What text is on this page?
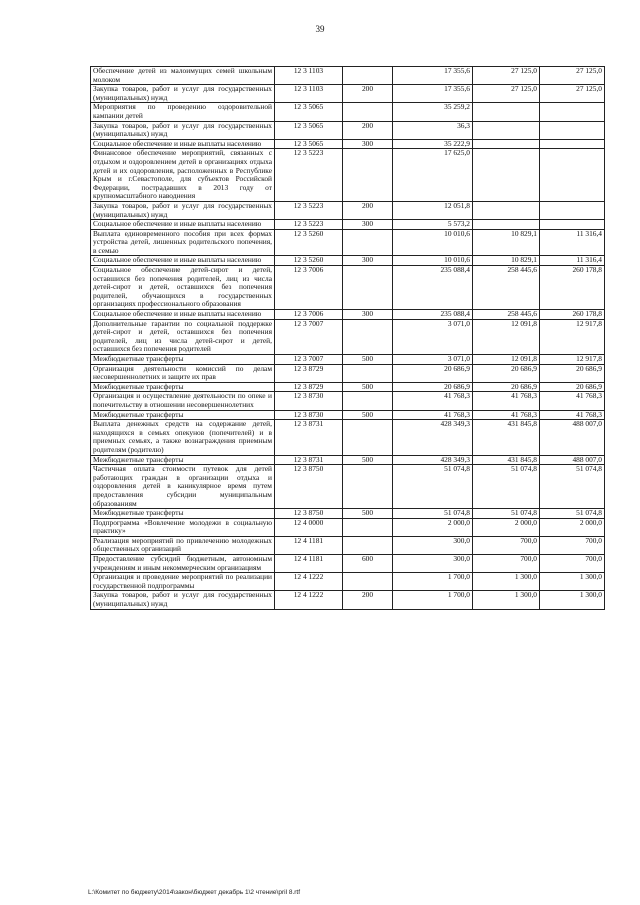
39
Обеспечение детей из малоимущих семей школьным молоком	12 3 1103		17 355,6	27 125,0	27 125,0
Закупка товаров, работ и услуг для государственных (муниципальных) нужд	12 3 1103	200	17 355,6	27 125,0	27 125,0
Мероприятия по проведению оздоровительной кампании детей	12 3 5065		35 259,2		
Закупка товаров, работ и услуг для государственных (муниципальных) нужд	12 3 5065	200	36,3		
Социальное обеспечение и иные выплаты населению	12 3 5065	300	35 222,9		
Финансовое обеспечение мероприятий, связанных с отдыхом и оздоровлением детей в организациях отдыха детей и их оздоровления, расположенных в Республике Крым и г.Севастополе, для субъектов Российской Федерации, пострадавших в 2013 году от крупномасштабного наводнения	12 3 5223		17 625,0		
Закупка товаров, работ и услуг для государственных (муниципальных) нужд	12 3 5223	200	12 051,8		
Социальное обеспечение и иные выплаты населению	12 3 5223	300	5 573,2		
Выплата единовременного пособия при всех формах устройства детей, лишенных родительского попечения, в семью	12 3 5260		10 010,6	10 829,1	11 316,4
Социальное обеспечение и иные выплаты населению	12 3 5260	300	10 010,6	10 829,1	11 316,4
Социальное обеспечение детей-сирот и детей, оставшихся без попечения родителей, лиц из числа детей-сирот и детей, оставшихся без попечения родителей, обучающихся в государственных организациях профессионального образования	12 3 7006		235 088,4	258 445,6	260 178,8
Социальное обеспечение и иные выплаты населению	12 3 7006	300	235 088,4	258 445,6	260 178,8
Дополнительные гарантии по социальной поддержке детей-сирот и детей, оставшихся без попечения родителей, лиц из числа детей-сирот и детей, оставшихся без попечения родителей	12 3 7007		3 071,0	12 091,8	12 917,8
Межбюджетные трансферты	12 3 7007	500	3 071,0	12 091,8	12 917,8
Организация деятельности комиссий по делам несовершеннолетних и защите их прав	12 3 8729		20 686,9	20 686,9	20 686,9
Межбюджетные трансферты	12 3 8729	500	20 686,9	20 686,9	20 686,9
Организация и осуществление деятельности по опеке и попечительству в отношении несовершеннолетних	12 3 8730		41 768,3	41 768,3	41 768,3
Межбюджетные трансферты	12 3 8730	500	41 768,3	41 768,3	41 768,3
Выплата денежных средств на содержание детей, находящихся в семьях опекунов (попечителей) и в приемных семьях, а также вознаграждения приемным родителям (родителю)	12 3 8731		428 349,3	431 845,8	488 007,0
Межбюджетные трансферты	12 3 8731	500	428 349,3	431 845,8	488 007,0
Частичная оплата стоимости путевок для детей работающих граждан в организации отдыха и оздоровления детей в каникулярное время путем предоставления субсидии муниципальным образованиям	12 3 8750		51 074,8	51 074,8	51 074,8
Межбюджетные трансферты	12 3 8750	500	51 074,8	51 074,8	51 074,8
Подпрограмма «Вовлечение молодежи в социальную практику»	12 4 0000		2 000,0	2 000,0	2 000,0
Реализация мероприятий по привлечению молодежных общественных организаций	12 4 1181		300,0	700,0	700,0
Предоставление субсидий бюджетным, автономным учреждениям и иным некоммерческим организациям	12 4 1181	600	300,0	700,0	700,0
Организация и проведение мероприятий по реализации государственной подпрограммы	12 4 1222		1 700,0	1 300,0	1 300,0
Закупка товаров, работ и услуг для государственных (муниципальных) нужд	12 4 1222	200	1 700,0	1 300,0	1 300,0
L:\Комитет по бюджету\2014\закон\бюджет декабрь 1\2 чтение\pril 8.rtf
